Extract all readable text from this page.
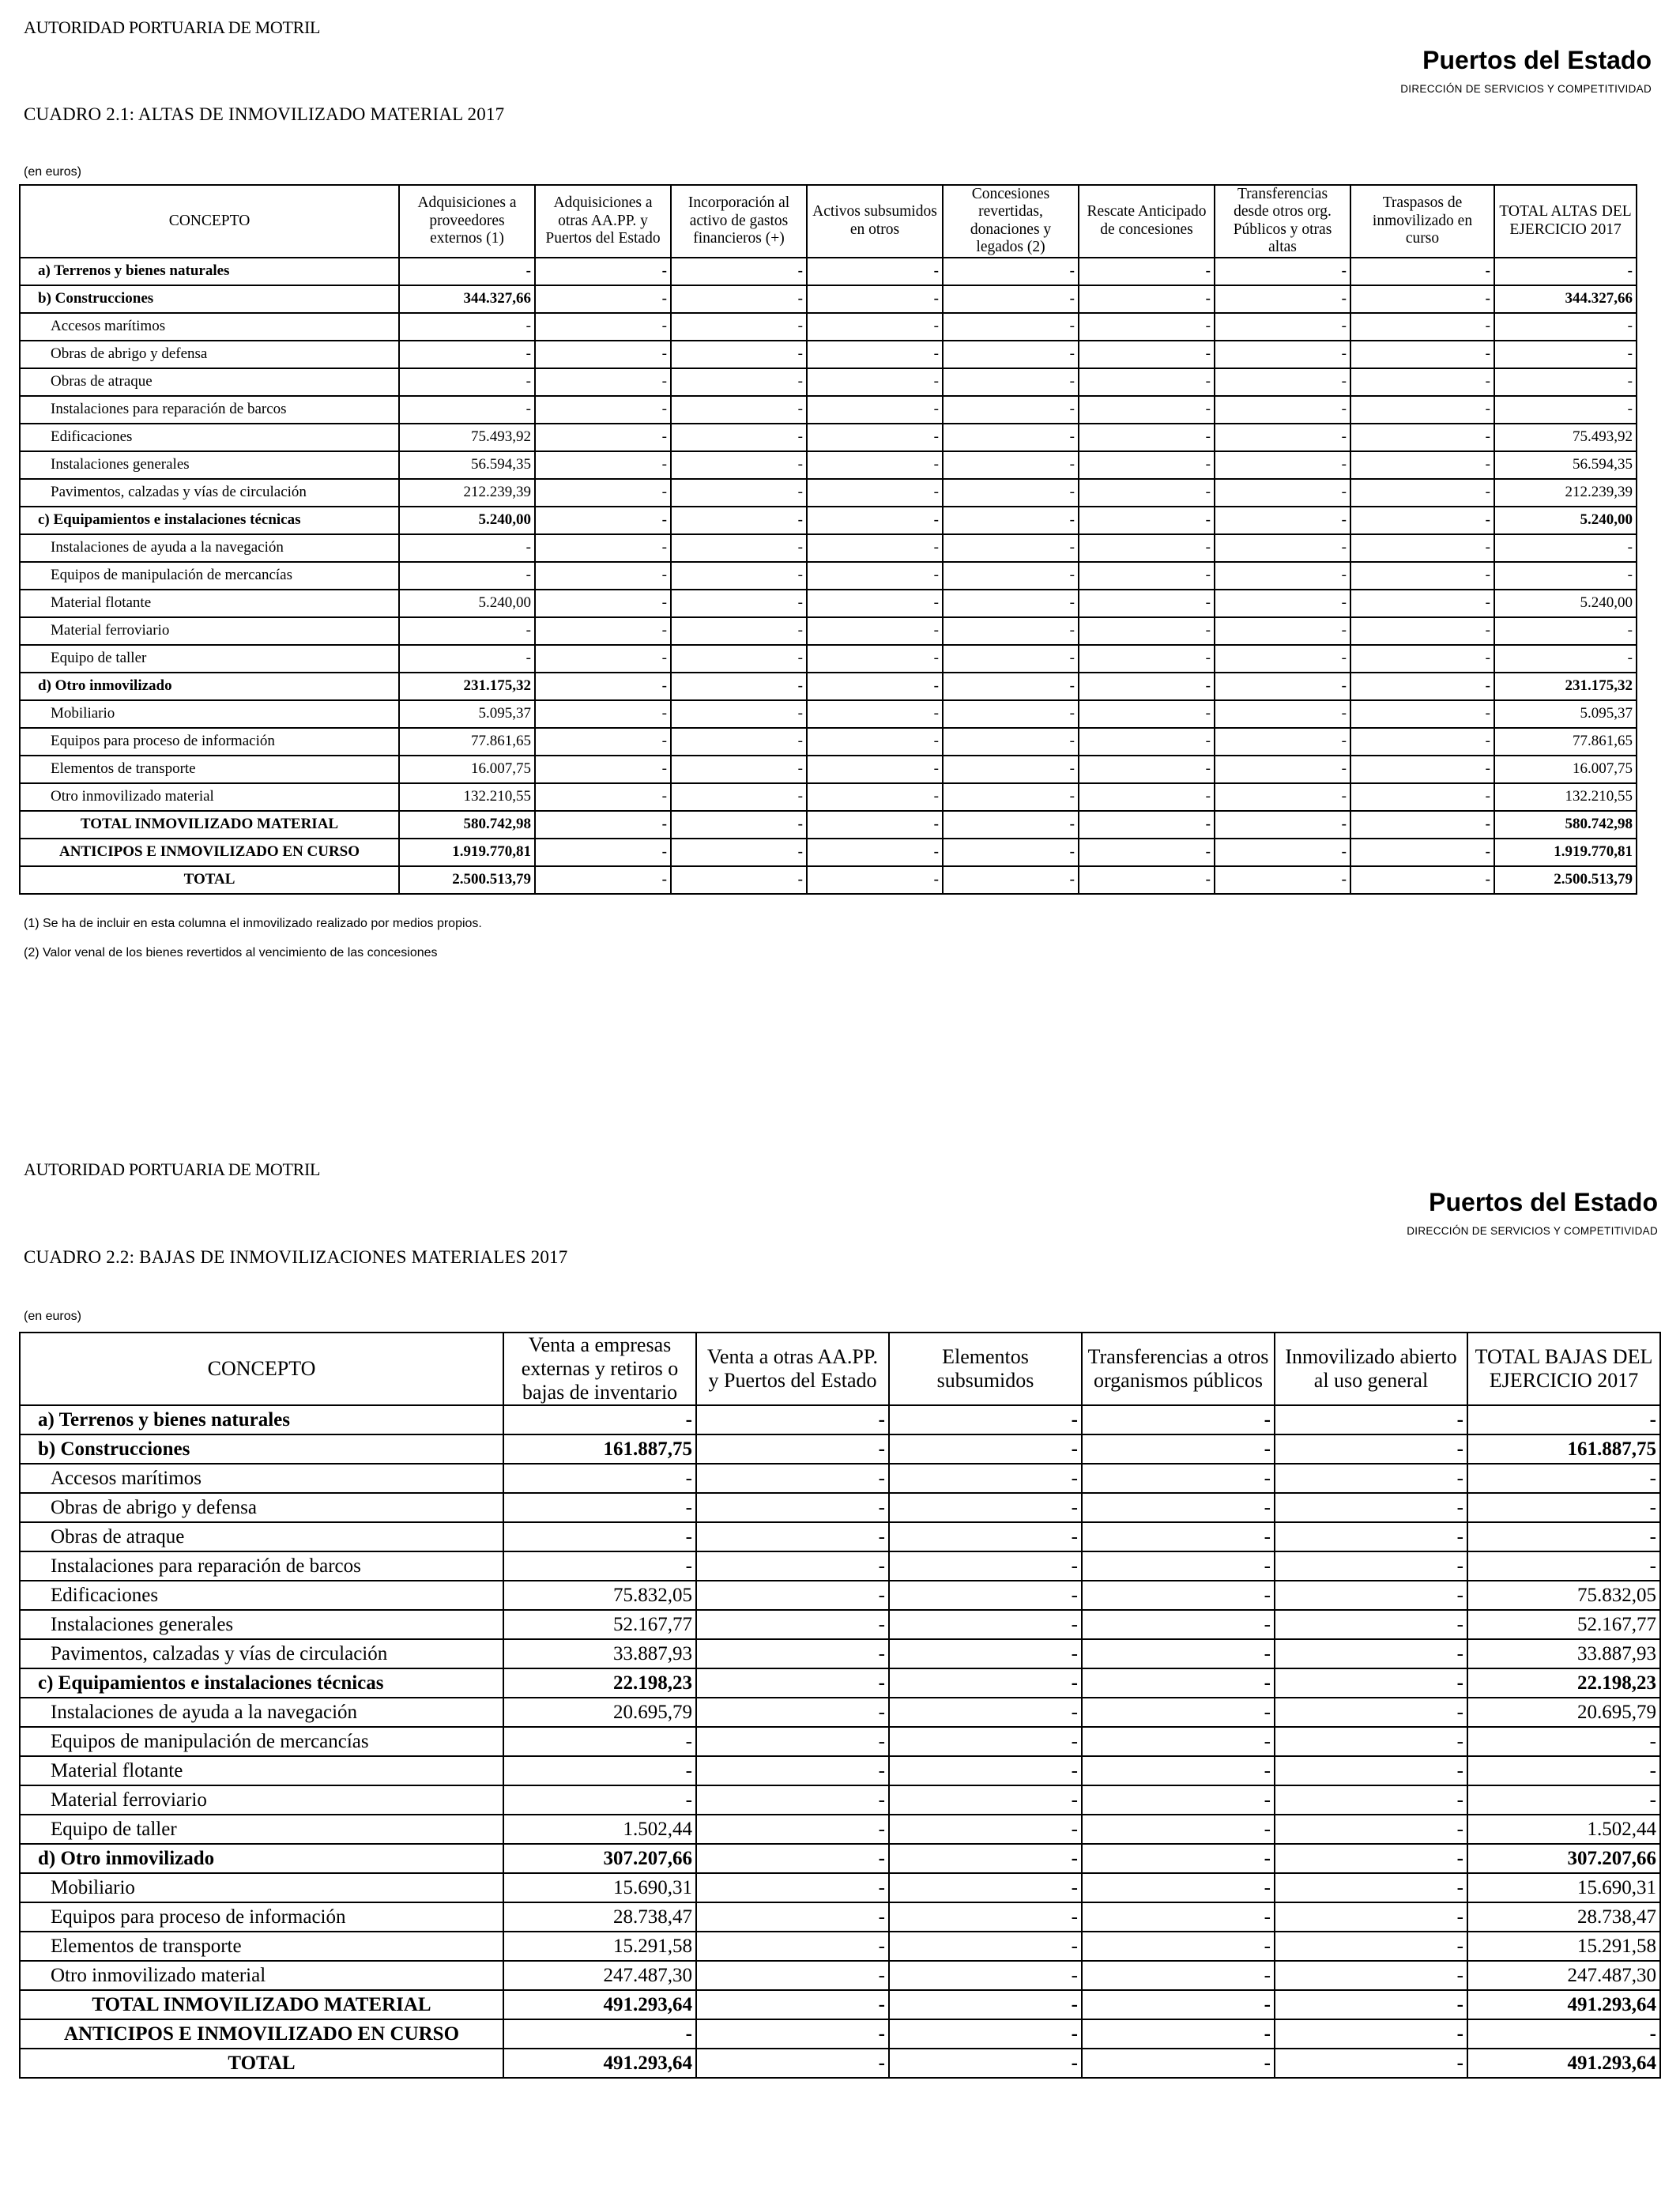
AUTORIDAD PORTUARIA DE MOTRIL
Puertos del Estado
DIRECCIÓN DE SERVICIOS Y COMPETITIVIDAD
CUADRO 2.1: ALTAS DE INMOVILIZADO MATERIAL 2017
(en euros)
CONCEPTO	Adquisiciones a proveedores externos (1)	Adquisiciones a otras AA.PP. y Puertos del Estado	Incorporación al activo de gastos financieros (+)	Activos subsumidos en otros	Concesiones revertidas, donaciones y legados (2)	Rescate Anticipado de concesiones	Transferencias desde otros org. Públicos y otras altas	Traspasos de inmovilizado en curso	TOTAL ALTAS DEL EJERCICIO 2017
a) Terrenos y bienes naturales	-	-	-	-	-	-	-	-	-
b) Construcciones	344.327,66	-	-	-	-	-	-	-	344.327,66
Accesos marítimos	-	-	-	-	-	-	-	-	-
Obras de abrigo y defensa	-	-	-	-	-	-	-	-	-
Obras de atraque	-	-	-	-	-	-	-	-	-
Instalaciones para reparación de barcos	-	-	-	-	-	-	-	-	-
Edificaciones	75.493,92	-	-	-	-	-	-	-	75.493,92
Instalaciones generales	56.594,35	-	-	-	-	-	-	-	56.594,35
Pavimentos, calzadas y vías de circulación	212.239,39	-	-	-	-	-	-	-	212.239,39
c) Equipamientos e instalaciones técnicas	5.240,00	-	-	-	-	-	-	-	5.240,00
Instalaciones de ayuda a la navegación	-	-	-	-	-	-	-	-	-
Equipos de manipulación de mercancías	-	-	-	-	-	-	-	-	-
Material flotante	5.240,00	-	-	-	-	-	-	-	5.240,00
Material ferroviario	-	-	-	-	-	-	-	-	-
Equipo de taller	-	-	-	-	-	-	-	-	-
d) Otro inmovilizado	231.175,32	-	-	-	-	-	-	-	231.175,32
Mobiliario	5.095,37	-	-	-	-	-	-	-	5.095,37
Equipos para proceso de información	77.861,65	-	-	-	-	-	-	-	77.861,65
Elementos de transporte	16.007,75	-	-	-	-	-	-	-	16.007,75
Otro inmovilizado material	132.210,55	-	-	-	-	-	-	-	132.210,55
TOTAL INMOVILIZADO MATERIAL	580.742,98	-	-	-	-	-	-	-	580.742,98
ANTICIPOS E INMOVILIZADO EN CURSO	1.919.770,81	-	-	-	-	-	-	-	1.919.770,81
TOTAL	2.500.513,79	-	-	-	-	-	-	-	2.500.513,79
(1) Se ha de incluir en esta columna el inmovilizado realizado por medios propios.
(2) Valor venal de los bienes revertidos al vencimiento de las concesiones
AUTORIDAD PORTUARIA DE MOTRIL
Puertos del Estado
DIRECCIÓN DE SERVICIOS Y COMPETITIVIDAD
CUADRO 2.2: BAJAS DE INMOVILIZACIONES MATERIALES 2017
(en euros)
CONCEPTO	Venta a empresas externas y retiros o bajas de inventario	Venta a otras AA.PP. y Puertos del Estado	Elementos subsumidos	Transferencias a otros organismos públicos	Inmovilizado abierto al uso general	TOTAL BAJAS DEL EJERCICIO 2017
a) Terrenos y bienes naturales	-	-	-	-	-	-
b) Construcciones	161.887,75	-	-	-	-	161.887,75
Accesos marítimos	-	-	-	-	-	-
Obras de abrigo y defensa	-	-	-	-	-	-
Obras de atraque	-	-	-	-	-	-
Instalaciones para reparación de barcos	-	-	-	-	-	-
Edificaciones	75.832,05	-	-	-	-	75.832,05
Instalaciones generales	52.167,77	-	-	-	-	52.167,77
Pavimentos, calzadas y vías de circulación	33.887,93	-	-	-	-	33.887,93
c) Equipamientos e instalaciones técnicas	22.198,23	-	-	-	-	22.198,23
Instalaciones de ayuda a la navegación	20.695,79	-	-	-	-	20.695,79
Equipos de manipulación de mercancías	-	-	-	-	-	-
Material flotante	-	-	-	-	-	-
Material ferroviario	-	-	-	-	-	-
Equipo de taller	1.502,44	-	-	-	-	1.502,44
d) Otro inmovilizado	307.207,66	-	-	-	-	307.207,66
Mobiliario	15.690,31	-	-	-	-	15.690,31
Equipos para proceso de información	28.738,47	-	-	-	-	28.738,47
Elementos de transporte	15.291,58	-	-	-	-	15.291,58
Otro inmovilizado material	247.487,30	-	-	-	-	247.487,30
TOTAL INMOVILIZADO MATERIAL	491.293,64	-	-	-	-	491.293,64
ANTICIPOS E INMOVILIZADO EN CURSO	-	-	-	-	-	-
TOTAL	491.293,64	-	-	-	-	491.293,64
